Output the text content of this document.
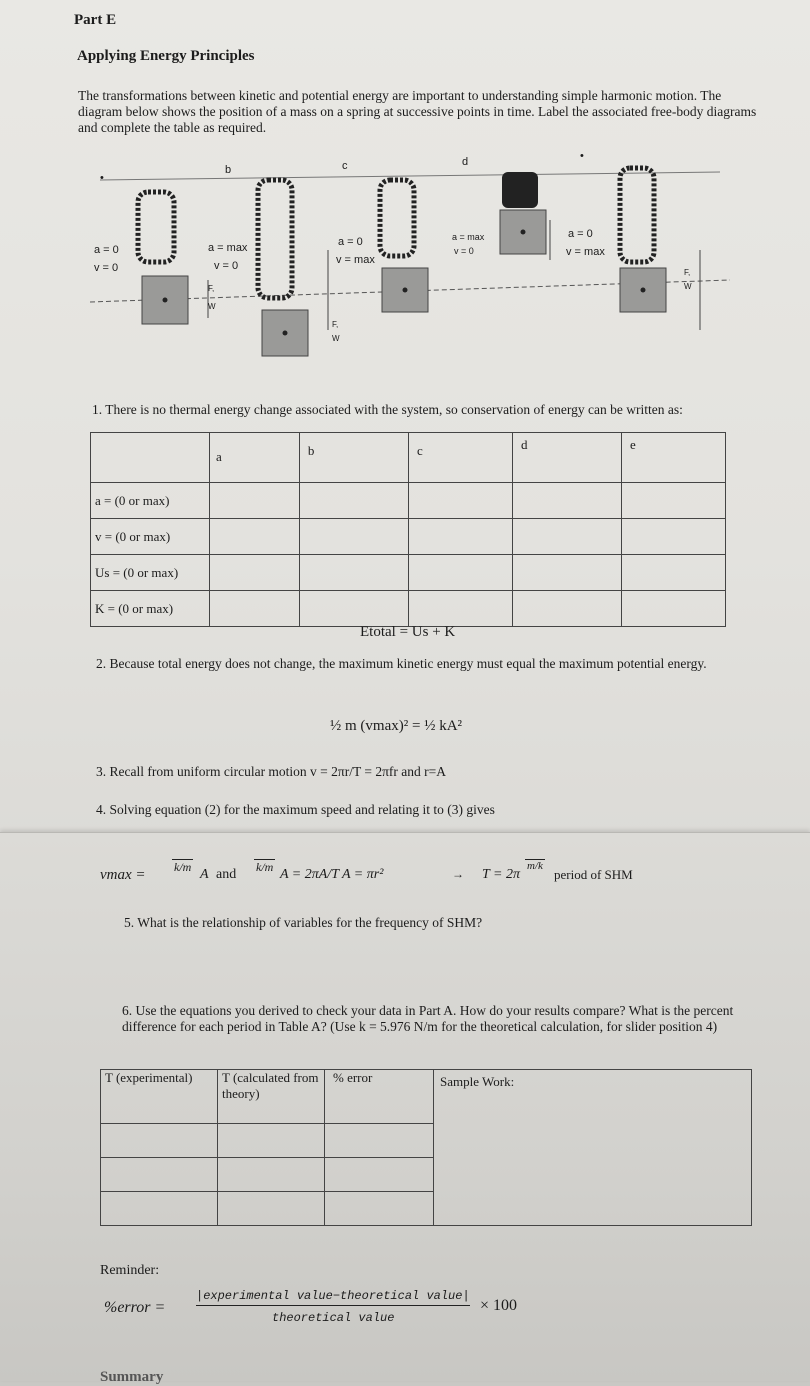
Part E
Applying Energy Principles
The transformations between kinetic and potential energy are important to understanding simple harmonic motion. The diagram below shows the position of a mass on a spring at successive points in time. Label the associated free-body diagrams and complete the table as required.
•
b	c	d	•
a = 0
v = 0
a = max
v = 0
a = 0
v = max
a = max
v = 0
a = 0
v = max
F,
W
F,
W
F,
W
1. There is no thermal energy change associated with the system, so conservation of energy can be written as:
	a	b	c	d	e
a = (0 or max)					
v = (0 or max)					
Us = (0 or max)					
K = (0 or max)					
Etotal = Us + K
2. Because total energy does not change, the maximum kinetic energy must equal the maximum potential energy.
½ m (vmax)² = ½ kA²
3. Recall from uniform circular motion v = 2πr/T = 2πfr and r=A
4. Solving equation (2) for the maximum speed and relating it to (3) gives
vmax = k/m A and k/m A = 2πA/T A = πr²	→ T = 2π
m/k
period of SHM
5. What is the relationship of variables for the frequency of SHM?
6. Use the equations you derived to check your data in Part A. How do your results compare? What is the percent difference for each period in Table A? (Use k = 5.976 N/m for the theoretical calculation, for slider position 4)
T (experimental)	T (calculated from theory)	% error	Sample Work:

Reminder:
%error =
|experimental value−theoretical value|
theoretical value
× 100
Summary
